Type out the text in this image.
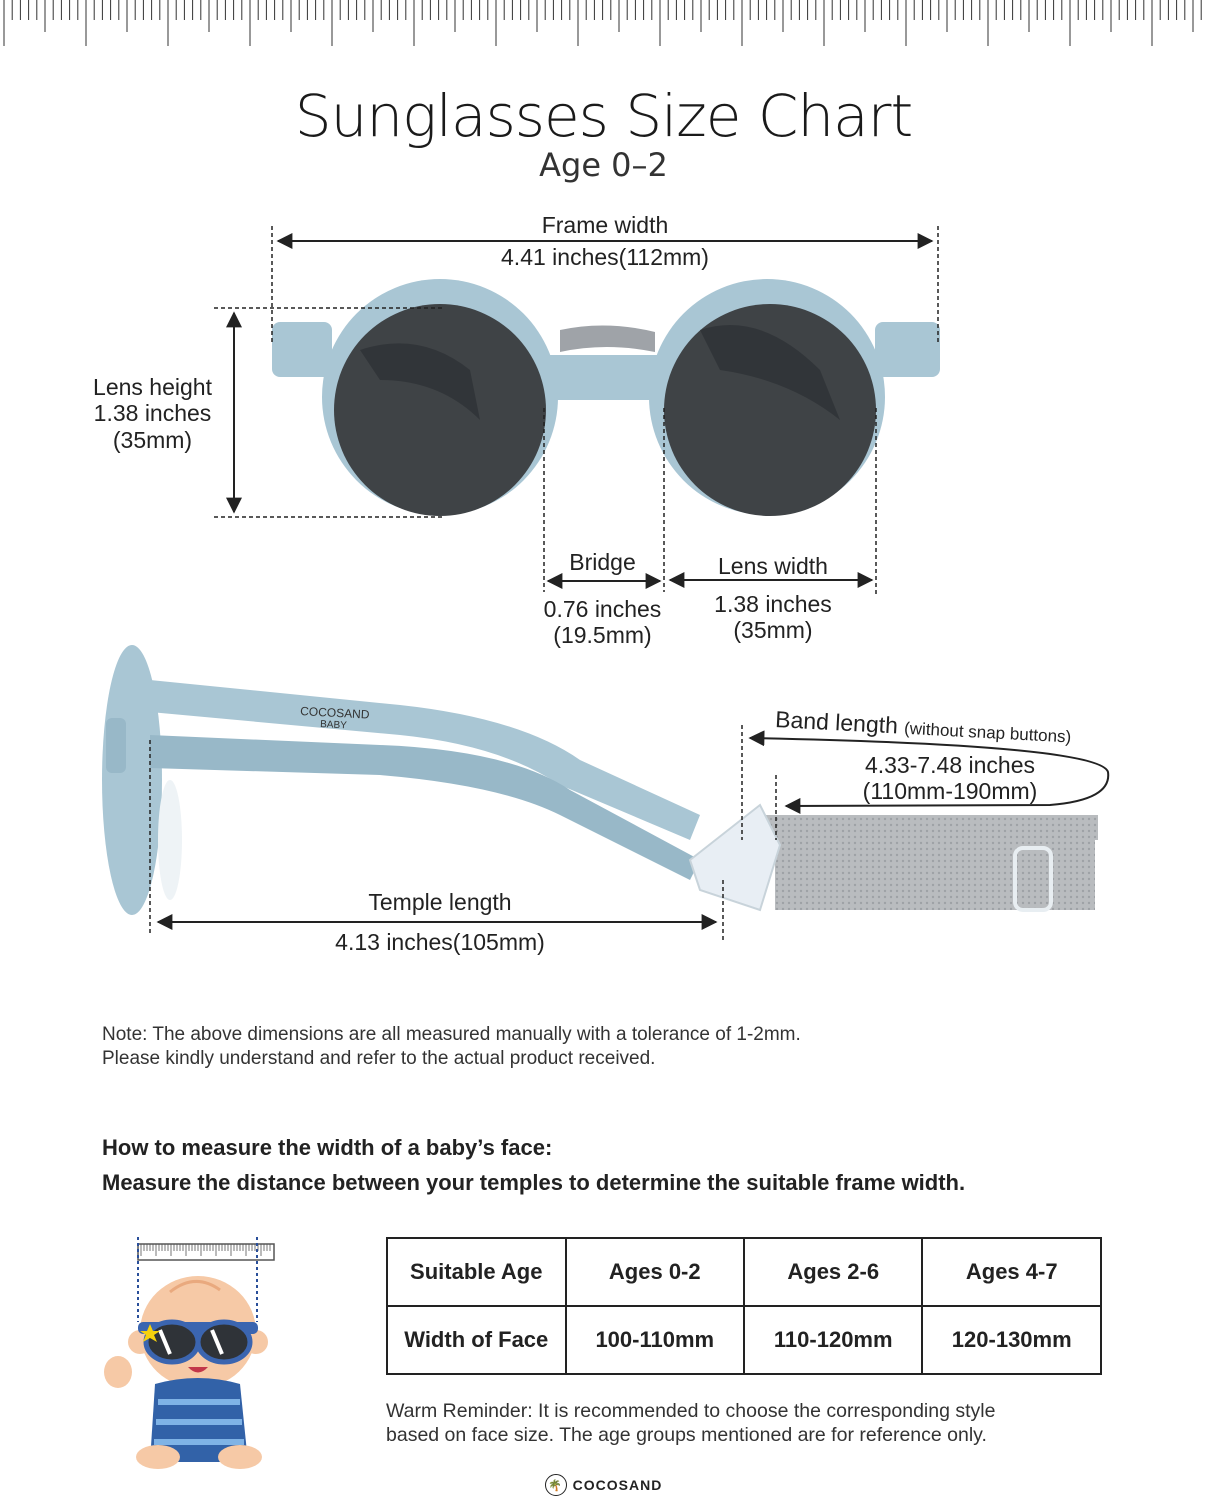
Sunglasses Size Chart
Age 0–2
COCOSAND
BABY
Frame width
4.41 inches(112mm)
Lens height
1.38 inches
(35mm)
Bridge
0.76 inches
(19.5mm)
Lens width
1.38 inches
(35mm)
Band length (without snap buttons)
4.33-7.48 inches
(110mm-190mm)
Temple length
4.13 inches(105mm)
Note: The above dimensions are all measured manually with a tolerance of 1-2mm.
Please kindly understand and refer to the actual product received.
How to measure the width of a baby’s face:
Measure the distance between your temples to determine the suitable frame width.
Suitable Age	Ages 0-2	Ages 2-6	Ages 4-7
Width of Face	100-110mm	110-120mm	120-130mm
Warm Reminder: It is recommended to choose the corresponding style
based on face size. The age groups mentioned are for reference only.
🌴 COCOSAND
